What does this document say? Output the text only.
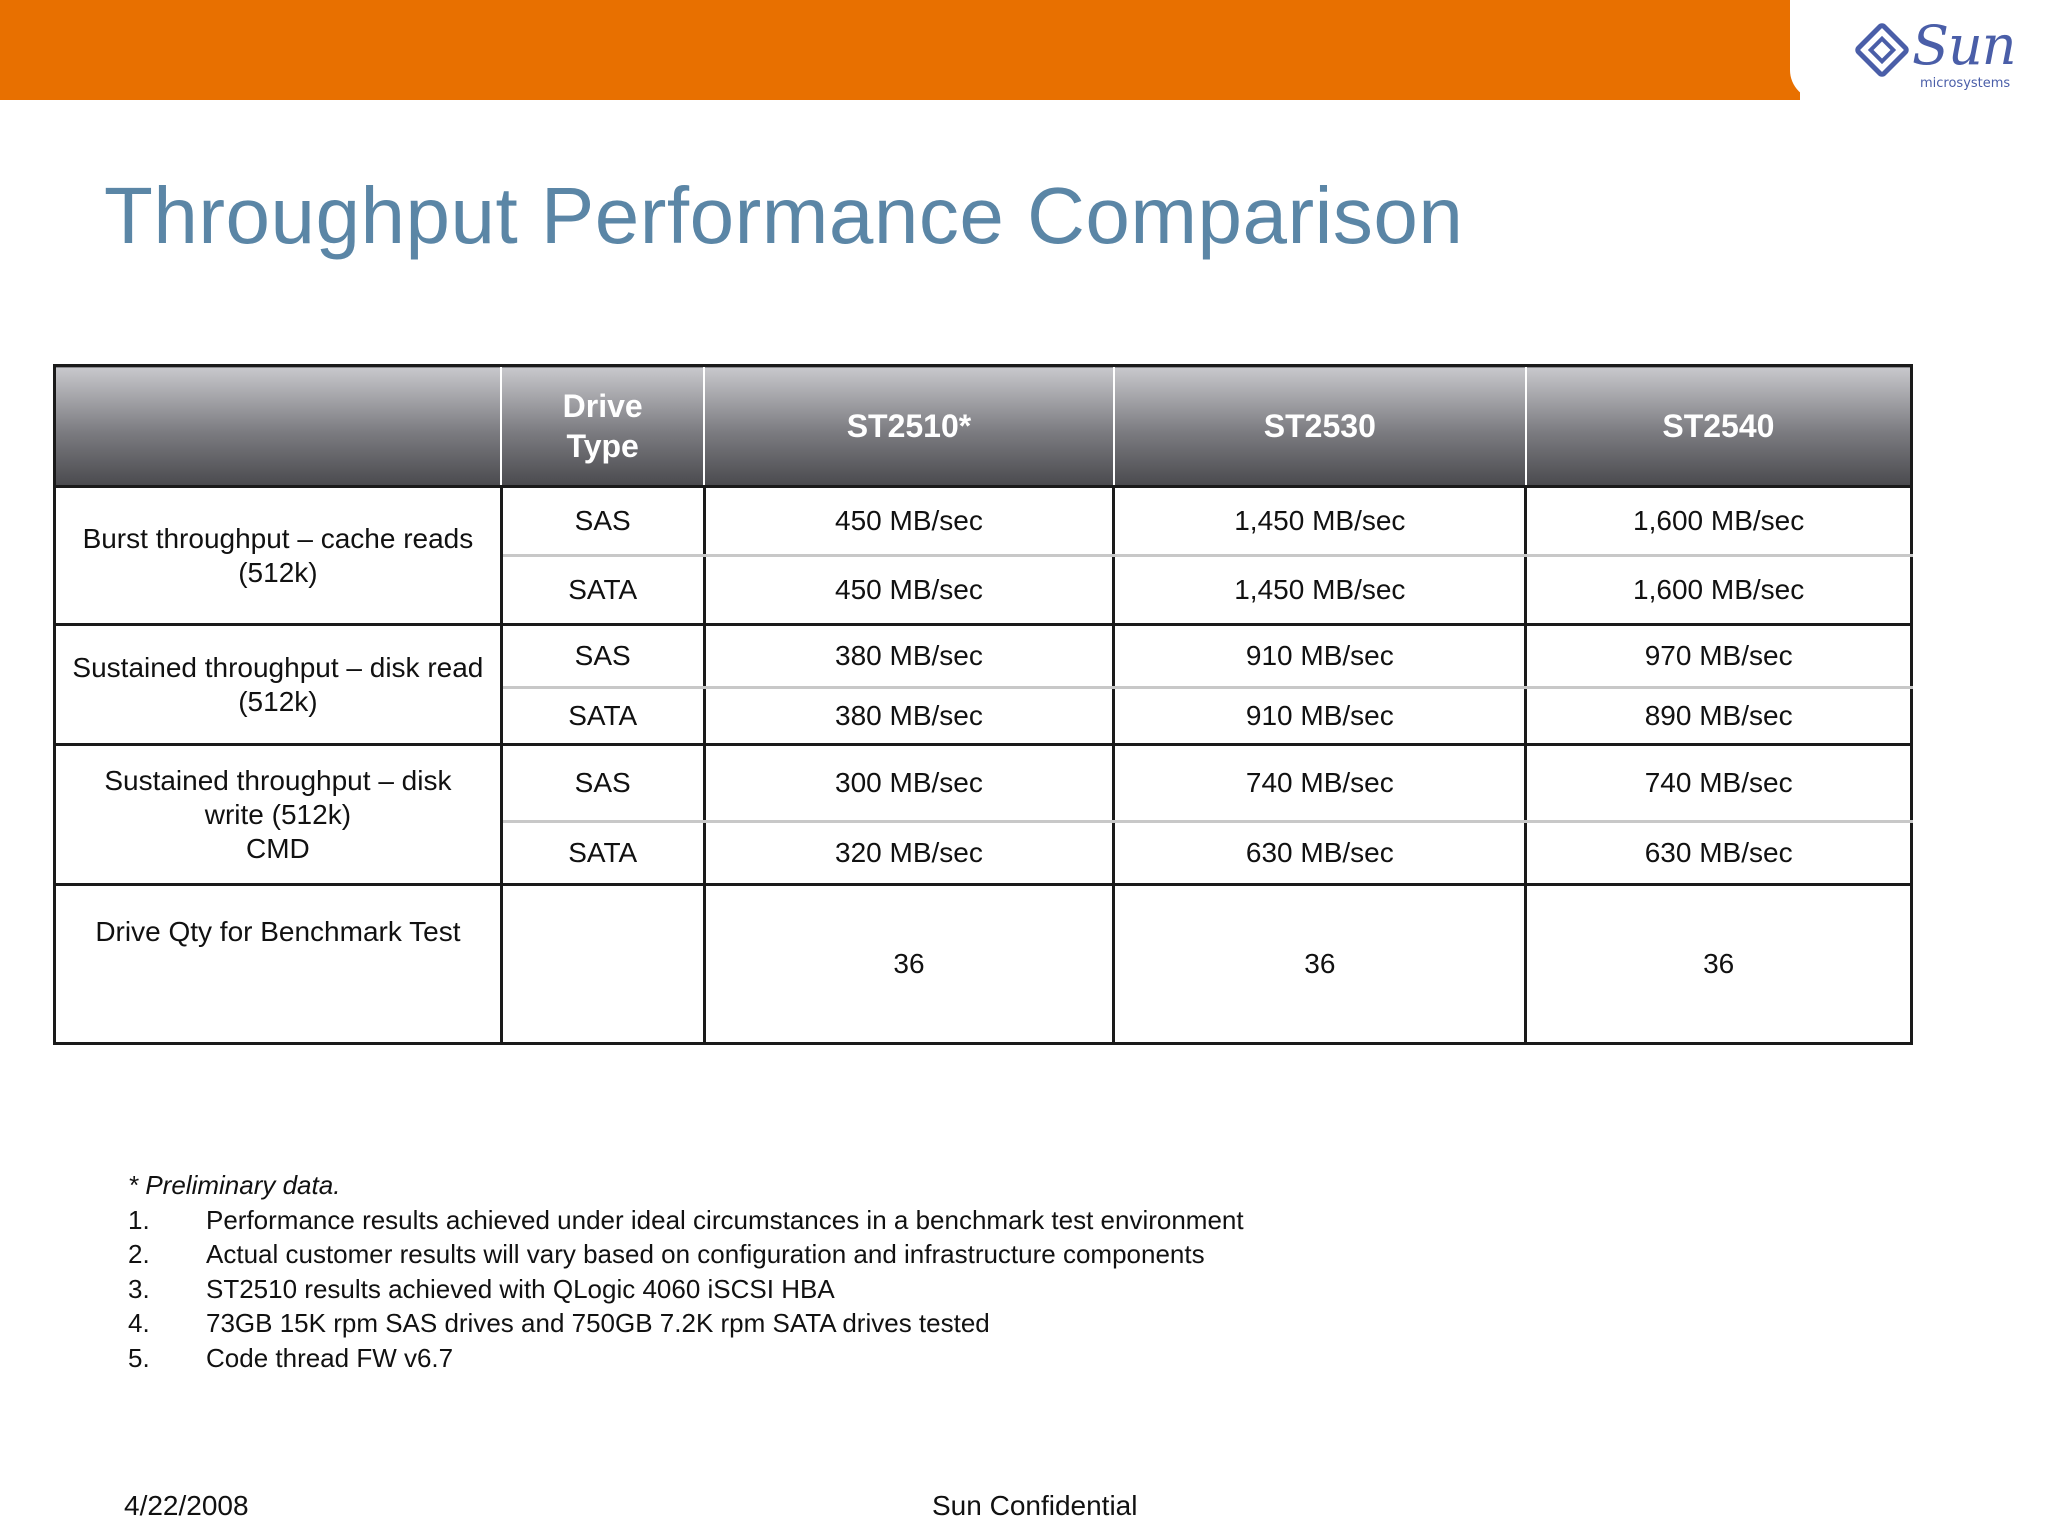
Sun
microsystems
Throughput Performance Comparison
	Drive Type	ST2510*	ST2530	ST2540
Burst throughput – cache reads (512k)	SAS	450 MB/sec	1,450 MB/sec	1,600 MB/sec
	SATA	450 MB/sec	1,450 MB/sec	1,600 MB/sec
Sustained throughput – disk read (512k)	SAS	380 MB/sec	910 MB/sec	970 MB/sec
	SATA	380 MB/sec	910 MB/sec	890 MB/sec

Sustained throughput – disk
write (512k)
CMD	SAS	300 MB/sec	740 MB/sec	740 MB/sec
	SATA	320 MB/sec	630 MB/sec	630 MB/sec
Drive Qty for Benchmark Test		36	36	36
* Preliminary data.
1.	Performance results achieved under ideal circumstances in a benchmark test environment
2.	Actual customer results will vary based on configuration and infrastructure components
3.	ST2510 results achieved with QLogic 4060 iSCSI HBA
4.	73GB 15K rpm SAS drives and 750GB 7.2K rpm SATA drives tested
5.	Code thread FW v6.7
4/22/2008	Sun Confidential
